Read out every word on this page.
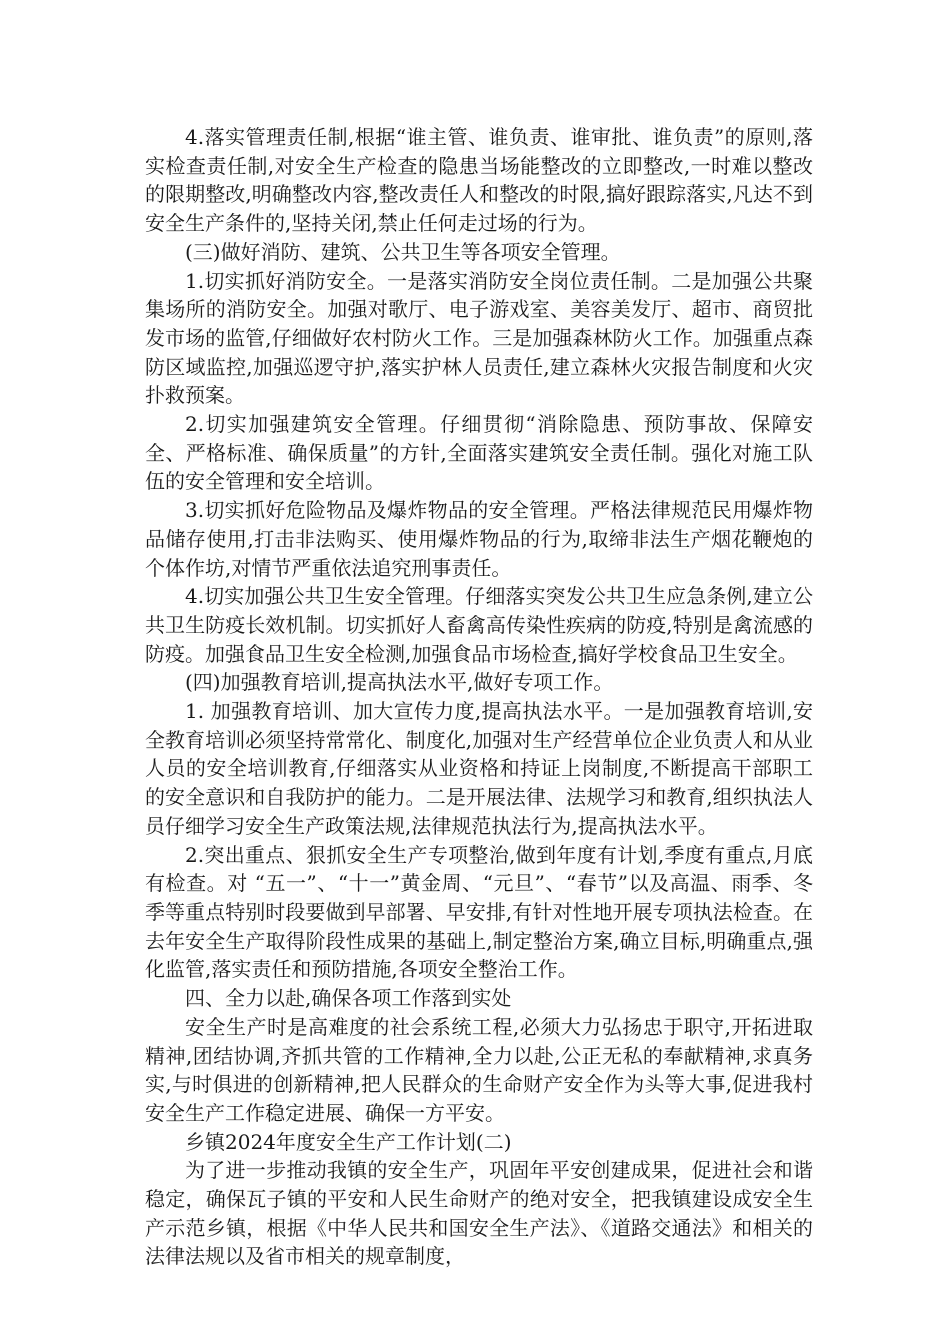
4.落实管理责任制,根据“谁主管、谁负责、谁审批、谁负责”的原则,落实检查责任制,对安全生产检查的隐患当场能整改的立即整改,一时难以整改的限期整改,明确整改内容,整改责任人和整改的时限,搞好跟踪落实,凡达不到安全生产条件的,坚持关闭,禁止任何走过场的行为。

(三)做好消防、建筑、公共卫生等各项安全管理。

1.切实抓好消防安全。一是落实消防安全岗位责任制。二是加强公共聚集场所的消防安全。加强对歌厅、电子游戏室、美容美发厅、超市、商贸批发市场的监管,仔细做好农村防火工作。三是加强森林防火工作。加强重点森防区域监控,加强巡逻守护,落实护林人员责任,建立森林火灾报告制度和火灾扑救预案。

2.切实加强建筑安全管理。仔细贯彻“消除隐患、预防事故、保障安全、严格标准、确保质量”的方针,全面落实建筑安全责任制。强化对施工队伍的安全管理和安全培训。

3.切实抓好危险物品及爆炸物品的安全管理。严格法律规范民用爆炸物品储存使用,打击非法购买、使用爆炸物品的行为,取缔非法生产烟花鞭炮的个体作坊,对情节严重依法追究刑事责任。

4.切实加强公共卫生安全管理。仔细落实突发公共卫生应急条例,建立公共卫生防疫长效机制。切实抓好人畜禽高传染性疾病的防疫,特别是禽流感的防疫。加强食品卫生安全检测,加强食品市场检查,搞好学校食品卫生安全。

(四)加强教育培训,提高执法水平,做好专项工作。

1. 加强教育培训、加大宣传力度,提高执法水平。一是加强教育培训,安全教育培训必须坚持常常化、制度化,加强对生产经营单位企业负责人和从业人员的安全培训教育,仔细落实从业资格和持证上岗制度,不断提高干部职工的安全意识和自我防护的能力。二是开展法律、法规学习和教育,组织执法人员仔细学习安全生产政策法规,法律规范执法行为,提高执法水平。

2.突出重点、狠抓安全生产专项整治,做到年度有计划,季度有重点,月底有检查。对 “五一”、“十一”黄金周、“元旦”、“春节”以及高温、雨季、冬季等重点特别时段要做到早部署、早安排,有针对性地开展专项执法检查。在去年安全生产取得阶段性成果的基础上,制定整治方案,确立目标,明确重点,强化监管,落实责任和预防措施,各项安全整治工作。

四、全力以赴,确保各项工作落到实处

安全生产时是高难度的社会系统工程,必须大力弘扬忠于职守,开拓进取精神,团结协调,齐抓共管的工作精神,全力以赴,公正无私的奉献精神,求真务实,与时俱进的创新精神,把人民群众的生命财产安全作为头等大事,促进我村安全生产工作稳定进展、确保一方平安。

乡镇2024年度安全生产工作计划(二)

为了进一步推动我镇的安全生产，巩固年平安创建成果，促进社会和谐稳定，确保瓦子镇的平安和人民生命财产的绝对安全，把我镇建设成安全生产示范乡镇，根据《中华人民共和国安全生产法》、《道路交通法》和相关的法律法规以及省市相关的规章制度，
